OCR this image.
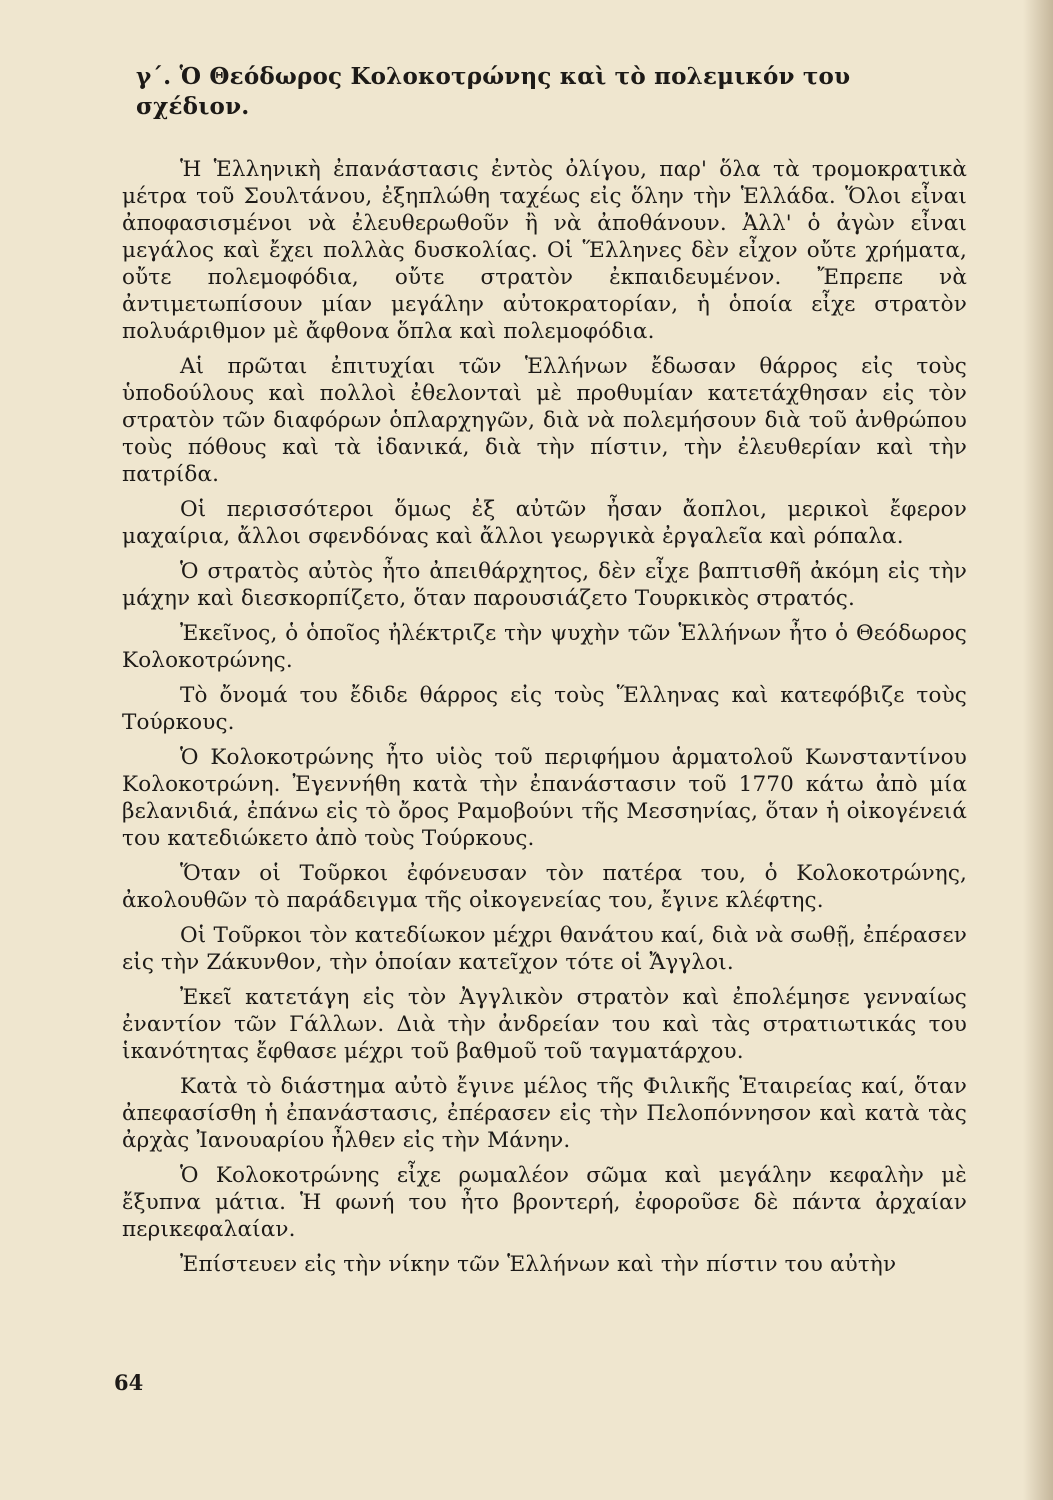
γ΄. Ὁ Θεόδωρος Κολοκοτρώνης καὶ τὸ πολεμικόν του σχέδιον.

Ἡ Ἑλληνικὴ ἐπανάστασις ἐντὸς ὀλίγου, παρ' ὅλα τὰ τρομοκρατικὰ μέτρα τοῦ Σουλτάνου, ἐξηπλώθη ταχέως εἰς ὅλην τὴν Ἑλλάδα. Ὅλοι εἶναι ἀποφασισμένοι νὰ ἐλευθερωθοῦν ἢ νὰ ἀποθάνουν. Ἀλλ' ὁ ἀγὼν εἶναι μεγάλος καὶ ἔχει πολλὰς δυσκολίας. Οἱ Ἕλληνες δὲν εἶχον οὔτε χρήματα, οὔτε πολεμοφόδια, οὔτε στρατὸν ἐκπαιδευμένον. Ἔπρεπε νὰ ἀντιμετωπίσουν μίαν μεγάλην αὐτοκρατορίαν, ἡ ὁποία εἶχε στρατὸν πολυάριθμον μὲ ἄφθονα ὅπλα καὶ πολεμοφόδια.

Αἱ πρῶται ἐπιτυχίαι τῶν Ἑλλήνων ἔδωσαν θάρρος εἰς τοὺς ὑποδούλους καὶ πολλοὶ ἐθελονταὶ μὲ προθυμίαν κατετάχθησαν εἰς τὸν στρατὸν τῶν διαφόρων ὁπλαρχηγῶν, διὰ νὰ πολεμήσουν διὰ τοῦ ἀνθρώπου τοὺς πόθους καὶ τὰ ἰδανικά, διὰ τὴν πίστιν, τὴν ἐλευθερίαν καὶ τὴν πατρίδα.

Οἱ περισσότεροι ὅμως ἐξ αὐτῶν ἦσαν ἄοπλοι, μερικοὶ ἔφερον μαχαίρια, ἄλλοι σφενδόνας καὶ ἄλλοι γεωργικὰ ἐργαλεῖα καὶ ρόπαλα.

Ὁ στρατὸς αὐτὸς ἦτο ἀπειθάρχητος, δὲν εἶχε βαπτισθῆ ἀκόμη εἰς τὴν μάχην καὶ διεσκορπίζετο, ὅταν παρουσιάζετο Τουρκικὸς στρατός.

Ἐκεῖνος, ὁ ὁποῖος ἠλέκτριζε τὴν ψυχὴν τῶν Ἑλλήνων ἦτο ὁ Θεόδωρος Κολοκοτρώνης.

Τὸ ὄνομά του ἔδιδε θάρρος εἰς τοὺς Ἕλληνας καὶ κατεφόβιζε τοὺς Τούρκους.

Ὁ Κολοκοτρώνης ἦτο υἱὸς τοῦ περιφήμου ἁρματολοῦ Κωνσταντίνου Κολοκοτρώνη. Ἐγεννήθη κατὰ τὴν ἐπανάστασιν τοῦ 1770 κάτω ἀπὸ μία βελανιδιά, ἐπάνω εἰς τὸ ὄρος Ραμοβούνι τῆς Μεσσηνίας, ὅταν ἡ οἰκογένειά του κατεδιώκετο ἀπὸ τοὺς Τούρκους.

Ὅταν οἱ Τοῦρκοι ἐφόνευσαν τὸν πατέρα του, ὁ Κολοκοτρώνης, ἀκολουθῶν τὸ παράδειγμα τῆς οἰκογενείας του, ἔγινε κλέφτης.

Οἱ Τοῦρκοι τὸν κατεδίωκον μέχρι θανάτου καί, διὰ νὰ σωθῇ, ἐπέρασεν εἰς τὴν Ζάκυνθον, τὴν ὁποίαν κατεῖχον τότε οἱ Ἄγγλοι.

Ἐκεῖ κατετάγη εἰς τὸν Ἀγγλικὸν στρατὸν καὶ ἐπολέμησε γενναίως ἐναντίον τῶν Γάλλων. Διὰ τὴν ἀνδρείαν του καὶ τὰς στρατιωτικάς του ἱκανότητας ἔφθασε μέχρι τοῦ βαθμοῦ τοῦ ταγματάρχου.

Κατὰ τὸ διάστημα αὐτὸ ἔγινε μέλος τῆς Φιλικῆς Ἑταιρείας καί, ὅταν ἀπεφασίσθη ἡ ἐπανάστασις, ἐπέρασεν εἰς τὴν Πελοπόννησον καὶ κατὰ τὰς ἀρχὰς Ἰανουαρίου ἦλθεν εἰς τὴν Μάνην.

Ὁ Κολοκοτρώνης εἶχε ρωμαλέον σῶμα καὶ μεγάλην κεφαλὴν μὲ ἔξυπνα μάτια. Ἡ φωνή του ἦτο βροντερή, ἐφοροῦσε δὲ πάντα ἀρχαίαν περικεφαλαίαν.

Ἐπίστευεν εἰς τὴν νίκην τῶν Ἑλλήνων καὶ τὴν πίστιν του αὐτὴν

64
